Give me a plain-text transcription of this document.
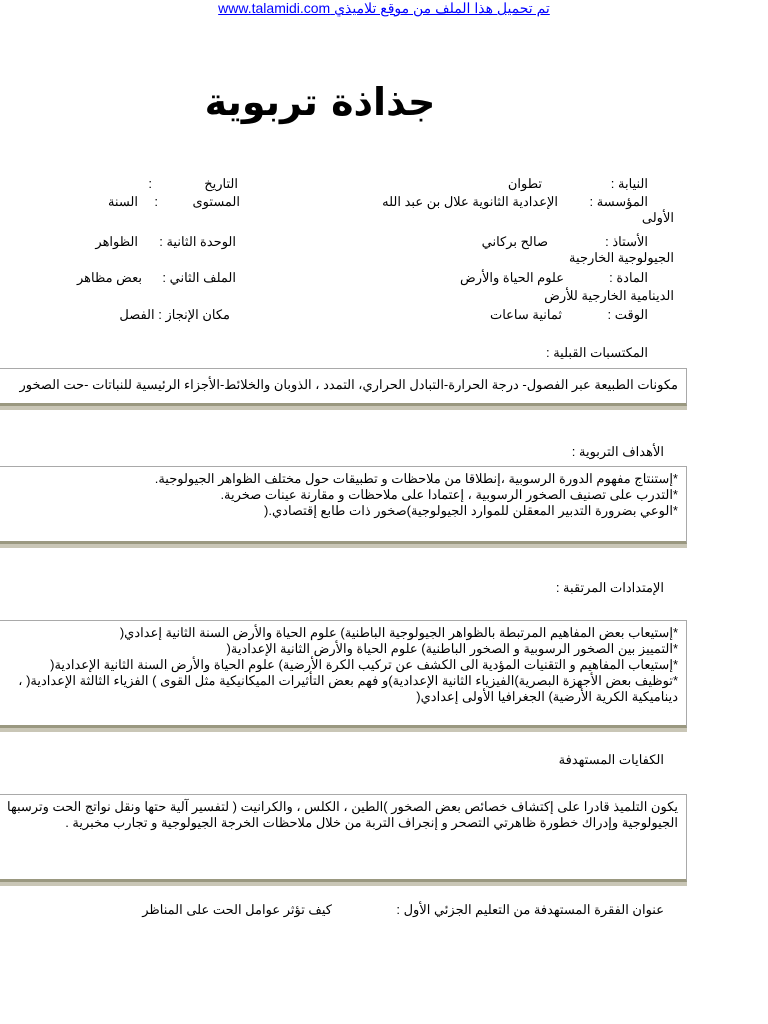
تم تحميل هذا الملف من موقع تلاميذي www.talamidi.com
جذاذة تربوية
النيابة :
تطوان
المؤسسة :
الإعدادية الثانوية علال بن عبد الله
الأولى
الأستاذ :
صالح بركاني
الجيولوجية الخارجية
المادة :
علوم الحياة والأرض
الدينامية الخارجية للأرض
الوقت :
ثمانية ساعات
التاريخ
:
المستوى
:
السنة
الوحدة الثانية :
الظواهر
الملف الثاني :
بعض مظاهر
مكان الإنجاز : الفصل
المكتسبات القبلية :
مكونات الطبيعة عبر الفصول- درجة الحرارة-التبادل الحراري، التمدد ، الذوبان والخلائط-الأجزاء الرئيسية للنباتات -حت الصخور
الأهداف التربوية :
*إستنتاج مفهوم الدورة الرسوبية ،إنطلاقا من ملاحظات و تطبيقات حول مختلف الظواهر الجيولوجية.
*التدرب على تصنيف الصخور الرسوبية ، إعتمادا على ملاحظات و مقارنة عينات صخرية.
*الوعي بضرورة التدبير المعقلن للموارد الجيولوجية)صخور ذات طابع إقتصادي.(
الإمتدادات المرتقبة :
*إستيعاب بعض المفاهيم المرتبطة بالظواهر الجيولوجية الباطنية) علوم الحياة والأرض السنة الثانية إعدادي(
*التمييز بين الصخور الرسوبية و الصخور الباطنية) علوم الحياة والأرض الثانية الإعدادية(
*إستيعاب المفاهيم و التقنيات المؤدية الى الكشف عن تركيب الكرة الأرضية) علوم الحياة والأرض السنة الثانية الإعدادية(
*توظيف بعض الأجهزة البصرية)الفيزياء الثانية الإعدادية)و فهم بعض التأثيرات الميكانيكية مثل القوى ) الفزياء الثالثة الإعدادية( ،
ديناميكية الكرية الأرضية) الجغرافيا الأولى إعدادي(
الكفايات المستهدفة
يكون التلميذ قادرا على إكتشاف خصائص بعض الصخور )الطين ، الكلس ، والكرانيت ( لتفسير آلية حتها ونقل نواتج الحت وترسبها
الجيولوجية وإدراك خطورة ظاهرتي التصحر و إنجراف التربة من خلال ملاحظات الخرجة الجيولوجية و تجارب مخبرية .
عنوان الفقرة المستهدفة من التعليم الجزئي الأول :
كيف تؤثر عوامل الحت على المناظر
